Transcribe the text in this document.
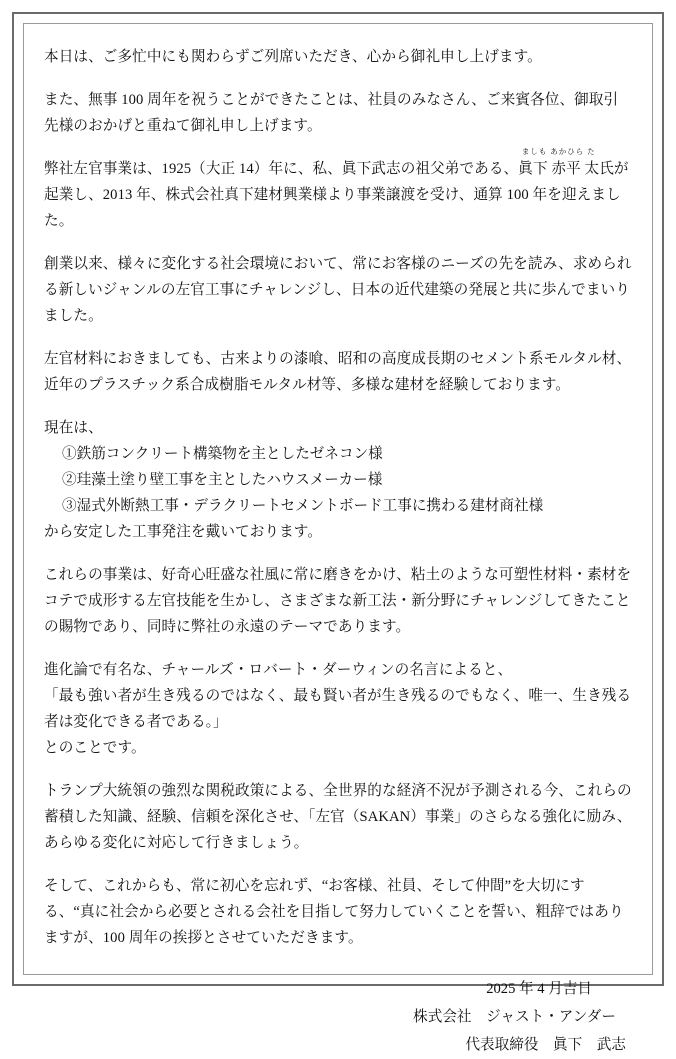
本日は、ご多忙中にも関わらずご列席いただき、心から御礼申し上げます。

また、無事 100 周年を祝うことができたことは、社員のみなさん、ご来賓各位、御取引先様のおかげと重ねて御礼申し上げます。

弊社左官事業は、1925（大正 14）年に、私、眞下武志の祖父弟である、
ましも あかひら た
眞下 赤平 太氏が
起業し、2013 年、株式会社真下建材興業様より事業譲渡を受け、通算 100 年を迎えました。

創業以来、様々に変化する社会環境において、常にお客様のニーズの先を読み、求められる新しいジャンルの左官工事にチャレンジし、日本の近代建築の発展と共に歩んでまいりました。

左官材料におきましても、古来よりの漆喰、昭和の高度成長期のセメント系モルタル材、近年のプラスチック系合成樹脂モルタル材等、多様な建材を経験しております。

現在は、

①鉄筋コンクリート構築物を主としたゼネコン様
②珪藻土塗り壁工事を主としたハウスメーカー様
③湿式外断熱工事・デラクリートセメントボード工事に携わる建材商社様

から安定した工事発注を戴いております。

これらの事業は、好奇心旺盛な社風に常に磨きをかけ、粘土のような可塑性材料・素材をコテで成形する左官技能を生かし、さまざまな新工法・新分野にチャレンジしてきたことの賜物であり、同時に弊社の永遠のテーマであります。

進化論で有名な、チャールズ・ロバート・ダーウィンの名言によると、

「最も強い者が生き残るのではなく、最も賢い者が生き残るのでもなく、唯一、生き残る者は変化できる者である。」

とのことです。

トランプ大統領の強烈な関税政策による、全世界的な経済不況が予測される今、これらの蓄積した知識、経験、信頼を深化させ、「左官（SAKAN）事業」のさらなる強化に励み、あらゆる変化に対応して行きましょう。

そして、これからも、常に初心を忘れず、“お客様、社員、そして仲間”を大切にする、“真に社会から必要とされる会社を目指して努力していくことを誓い、粗辞ではありますが、100 周年の挨拶とさせていただきます。

2025 年 4 月吉日
株式会社　ジャスト・アンダー
代表取締役　眞下　武志
